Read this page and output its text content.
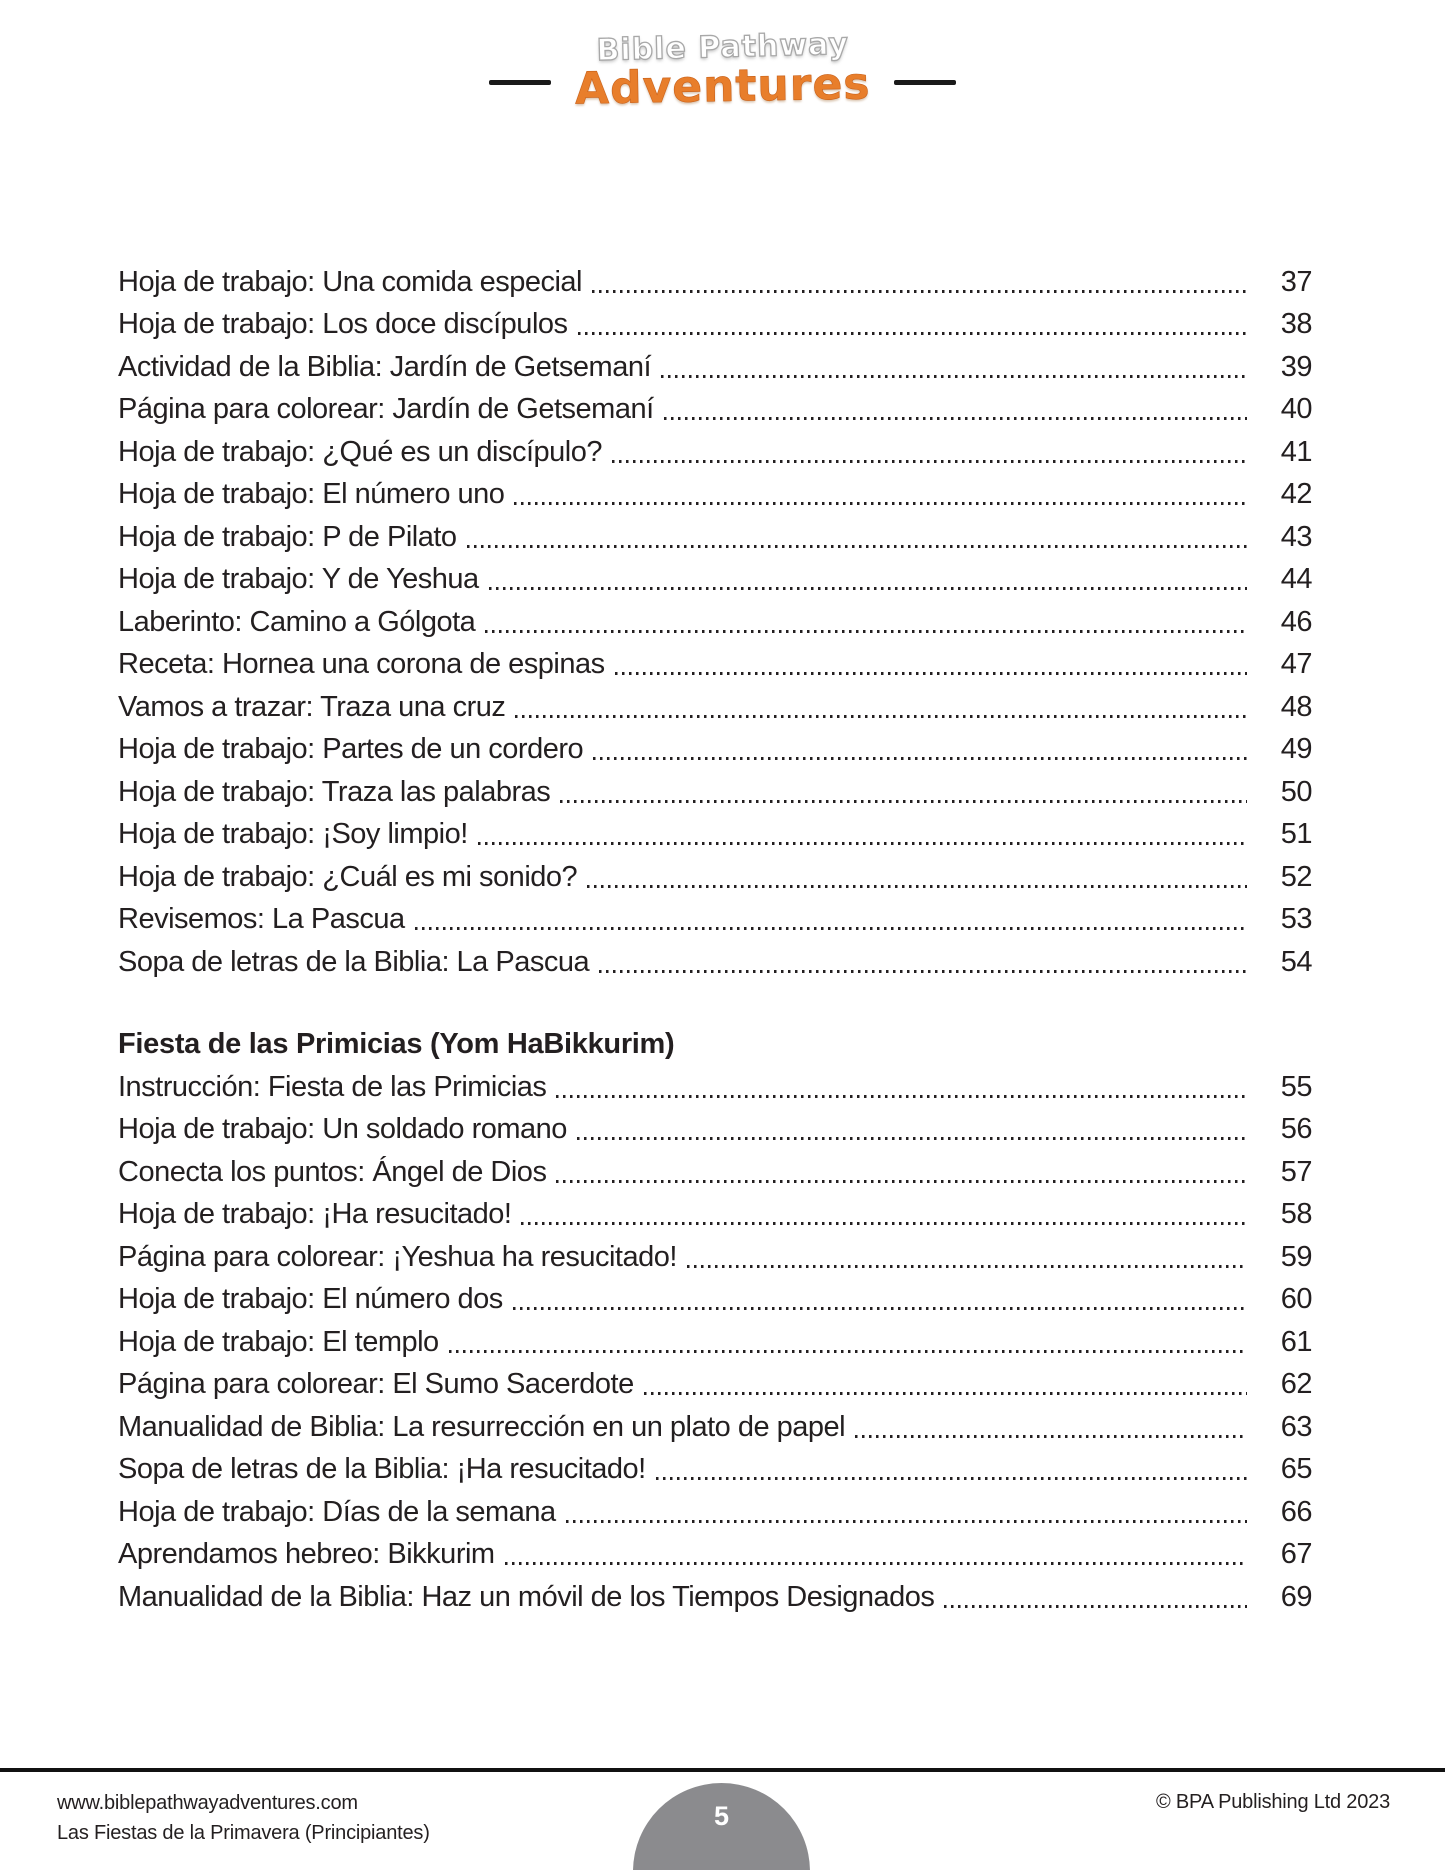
Bible Pathway
Adventures
Hoja de trabajo: Una comida especial	37
Hoja de trabajo: Los doce discípulos	38
Actividad de la Biblia: Jardín de Getsemaní	39
Página para colorear: Jardín de Getsemaní	40
Hoja de trabajo: ¿Qué es un discípulo?	41
Hoja de trabajo: El número uno	42
Hoja de trabajo: P de Pilato	43
Hoja de trabajo: Y de Yeshua	44
Laberinto: Camino a Gólgota	46
Receta: Hornea una corona de espinas	47
Vamos a trazar: Traza una cruz	48
Hoja de trabajo: Partes de un cordero	49
Hoja de trabajo: Traza las palabras	50
Hoja de trabajo: ¡Soy limpio!	51
Hoja de trabajo: ¿Cuál es mi sonido?	52
Revisemos: La Pascua	53
Sopa de letras de la Biblia: La Pascua	54
Fiesta de las Primicias (Yom HaBikkurim)
Instrucción: Fiesta de las Primicias	55
Hoja de trabajo: Un soldado romano	56
Conecta los puntos: Ángel de Dios	57
Hoja de trabajo: ¡Ha resucitado!	58
Página para colorear: ¡Yeshua ha resucitado!	59
Hoja de trabajo: El número dos	60
Hoja de trabajo: El templo	61
Página para colorear: El Sumo Sacerdote	62
Manualidad de Biblia: La resurrección en un plato de papel	63
Sopa de letras de la Biblia: ¡Ha resucitado!	65
Hoja de trabajo: Días de la semana	66
Aprendamos hebreo: Bikkurim	67
Manualidad de la Biblia: Haz un móvil de los Tiempos Designados	69
www.biblepathwayadventures.com
Las Fiestas de la Primavera (Principiantes)
© BPA Publishing Ltd 2023
5
